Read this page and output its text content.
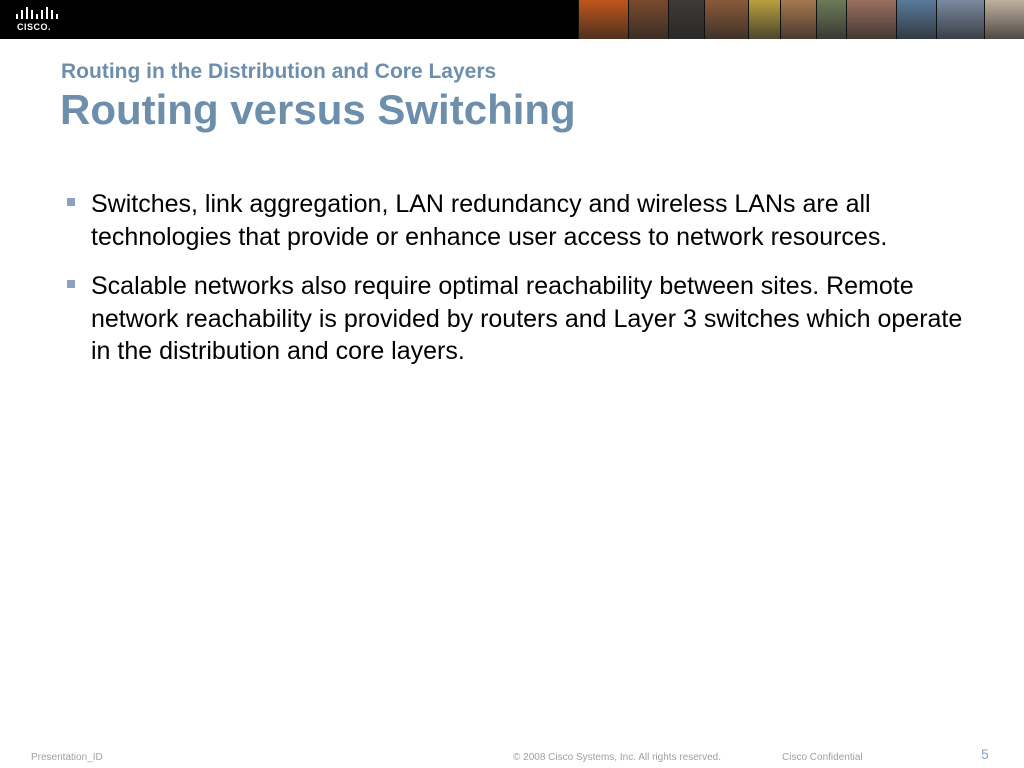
CISCO.
Routing in the Distribution and Core Layers
Routing versus Switching
Switches, link aggregation, LAN redundancy and wireless LANs are all technologies that provide or enhance user access to network resources.
Scalable networks also require optimal reachability between sites. Remote network reachability is provided by routers and Layer 3 switches which operate in the distribution and core layers.
Presentation_ID	© 2008 Cisco Systems, Inc. All rights reserved.	Cisco Confidential	5
